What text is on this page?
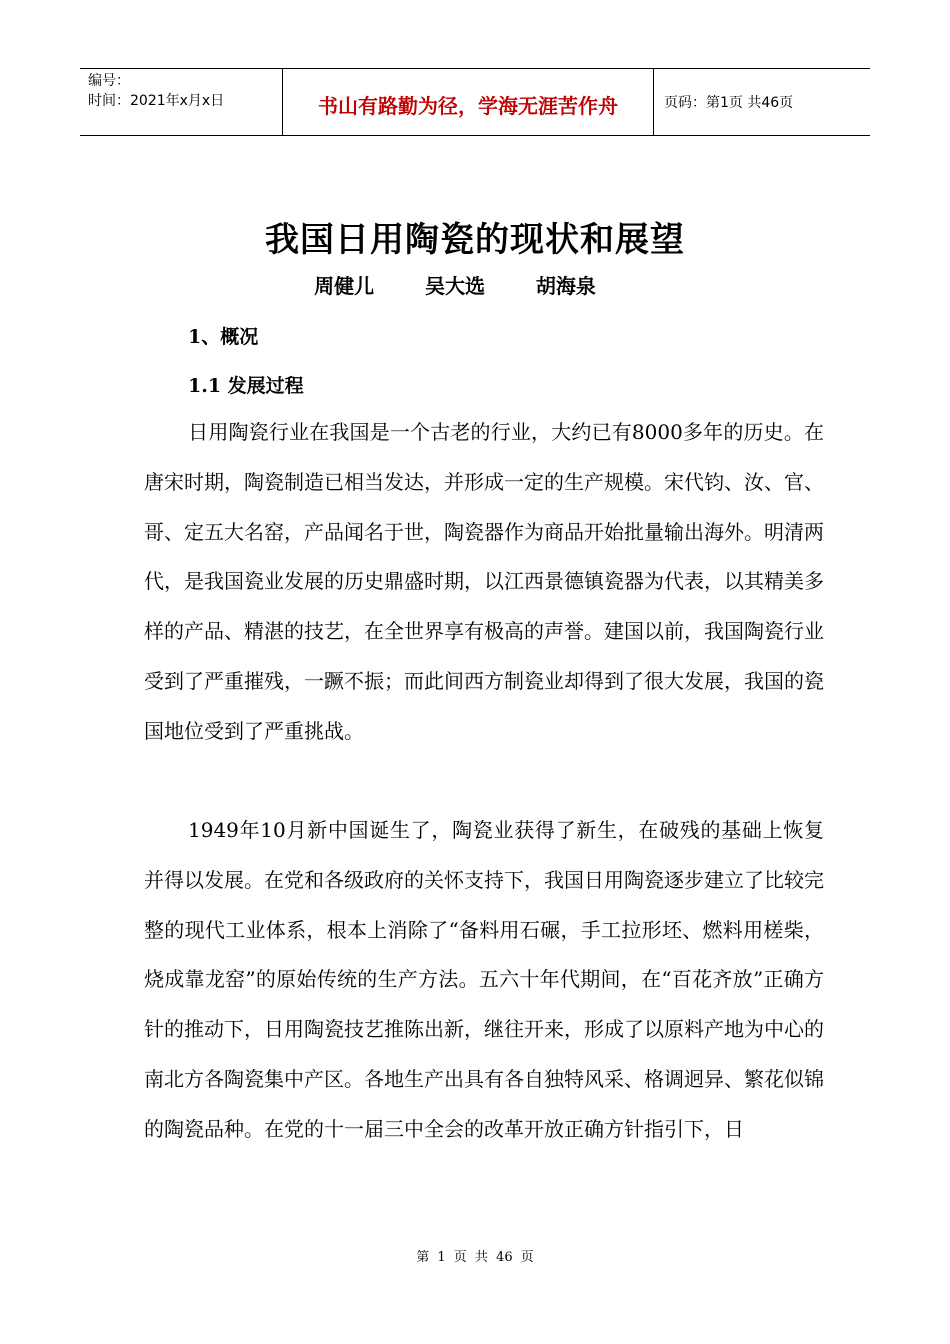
编号：
时间：2021年x月x日	书山有路勤为径，学海无涯苦作舟	页码：第1页 共46页
我国日用陶瓷的现状和展望
周健儿   吴大选   胡海泉
1、概况
1.1 发展过程

日用陶瓷行业在我国是一个古老的行业，大约已有8000多年的历史。在唐宋时期，陶瓷制造已相当发达，并形成一定的生产规模。宋代钧、汝、官、哥、定五大名窑，产品闻名于世，陶瓷器作为商品开始批量输出海外。明清两代，是我国瓷业发展的历史鼎盛时期，以江西景德镇瓷器为代表，以其精美多样的产品、精湛的技艺，在全世界享有极高的声誉。建国以前，我国陶瓷行业受到了严重摧残，一蹶不振；而此间西方制瓷业却得到了很大发展，我国的瓷国地位受到了严重挑战。

1949年10月新中国诞生了，陶瓷业获得了新生，在破残的基础上恢复并得以发展。在党和各级政府的关怀支持下，我国日用陶瓷逐步建立了比较完整的现代工业体系，根本上消除了“备料用石碾，手工拉形坯、燃料用槎柴，烧成靠龙窑”的原始传统的生产方法。五六十年代期间，在“百花齐放”正确方针的推动下，日用陶瓷技艺推陈出新，继往开来，形成了以原料产地为中心的南北方各陶瓷集中产区。各地生产出具有各自独特风采、格调迥异、繁花似锦的陶瓷品种。在党的十一届三中全会的改革开放正确方针指引下，日

第 1 页 共 46 页
